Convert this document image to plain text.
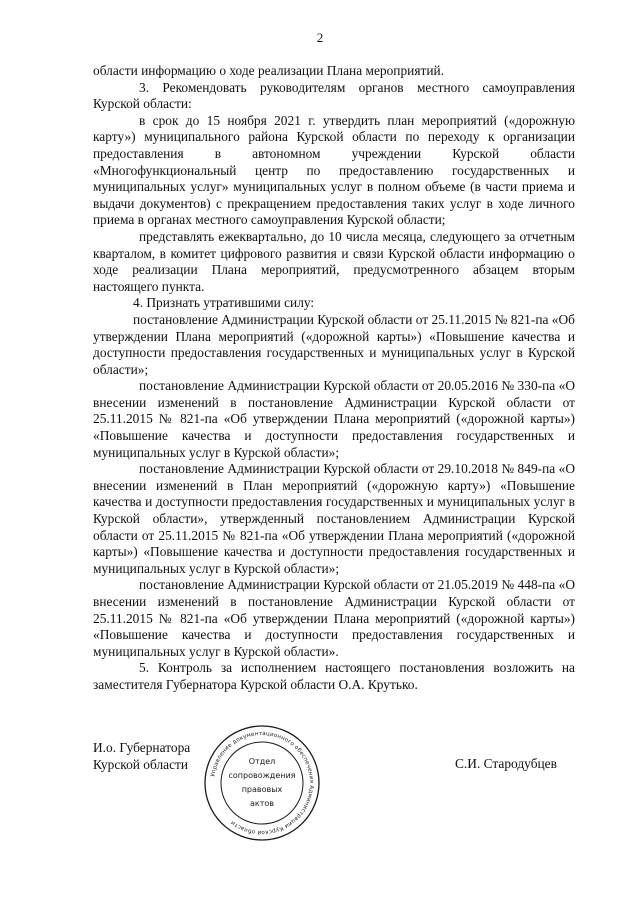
2

области информацию о ходе реализации Плана мероприятий.

3. Рекомендовать руководителям органов местного самоуправления Курской области:

в срок до 15 ноября 2021 г. утвердить план мероприятий («дорожную карту») муниципального района Курской области по переходу к организации предоставления в автономном учреждении Курской области «Многофункциональный центр по предоставлению государственных и муниципальных услуг» муниципальных услуг в полном объеме (в части приема и выдачи документов) с прекращением предоставления таких услуг в ходе личного приема в органах местного самоуправления Курской области;

представлять ежеквартально, до 10 числа месяца, следующего за отчетным кварталом, в комитет цифрового развития и связи Курской области информацию о ходе реализации Плана мероприятий, предусмотренного абзацем вторым настоящего пункта.

4. Признать утратившими силу:

постановление Администрации Курской области от 25.11.2015 № 821-па «Об утверждении Плана мероприятий («дорожной карты») «Повышение качества и доступности предоставления государственных и муниципальных услуг в Курской области»;

постановление Администрации Курской области от 20.05.2016 № 330-па «О внесении изменений в постановление Администрации Курской области от 25.11.2015 № 821-па «Об утверждении Плана мероприятий («дорожной карты») «Повышение качества и доступности предоставления государственных и муниципальных услуг в Курской области»;

постановление Администрации Курской области от 29.10.2018 № 849-па «О внесении изменений в План мероприятий («дорожную карту») «Повышение качества и доступности предоставления государственных и муниципальных услуг в Курской области», утвержденный постановлением Администрации Курской области от 25.11.2015 № 821-па «Об утверждении Плана мероприятий («дорожной карты») «Повышение качества и доступности предоставления государственных и муниципальных услуг в Курской области»;

постановление Администрации Курской области от 21.05.2019 № 448-па «О внесении изменений в постановление Администрации Курской области от 25.11.2015 № 821-па «Об утверждении Плана мероприятий («дорожной карты») «Повышение качества и доступности предоставления государственных и муниципальных услуг в Курской области».

5. Контроль за исполнением настоящего постановления возложить на заместителя Губернатора Курской области О.А. Крутько.

И.о. Губернатора
Курской области
Управление документационного обеспечения Администрации Курской области
Отдел
сопровождения
правовых
актов
С.И. Стародубцев
